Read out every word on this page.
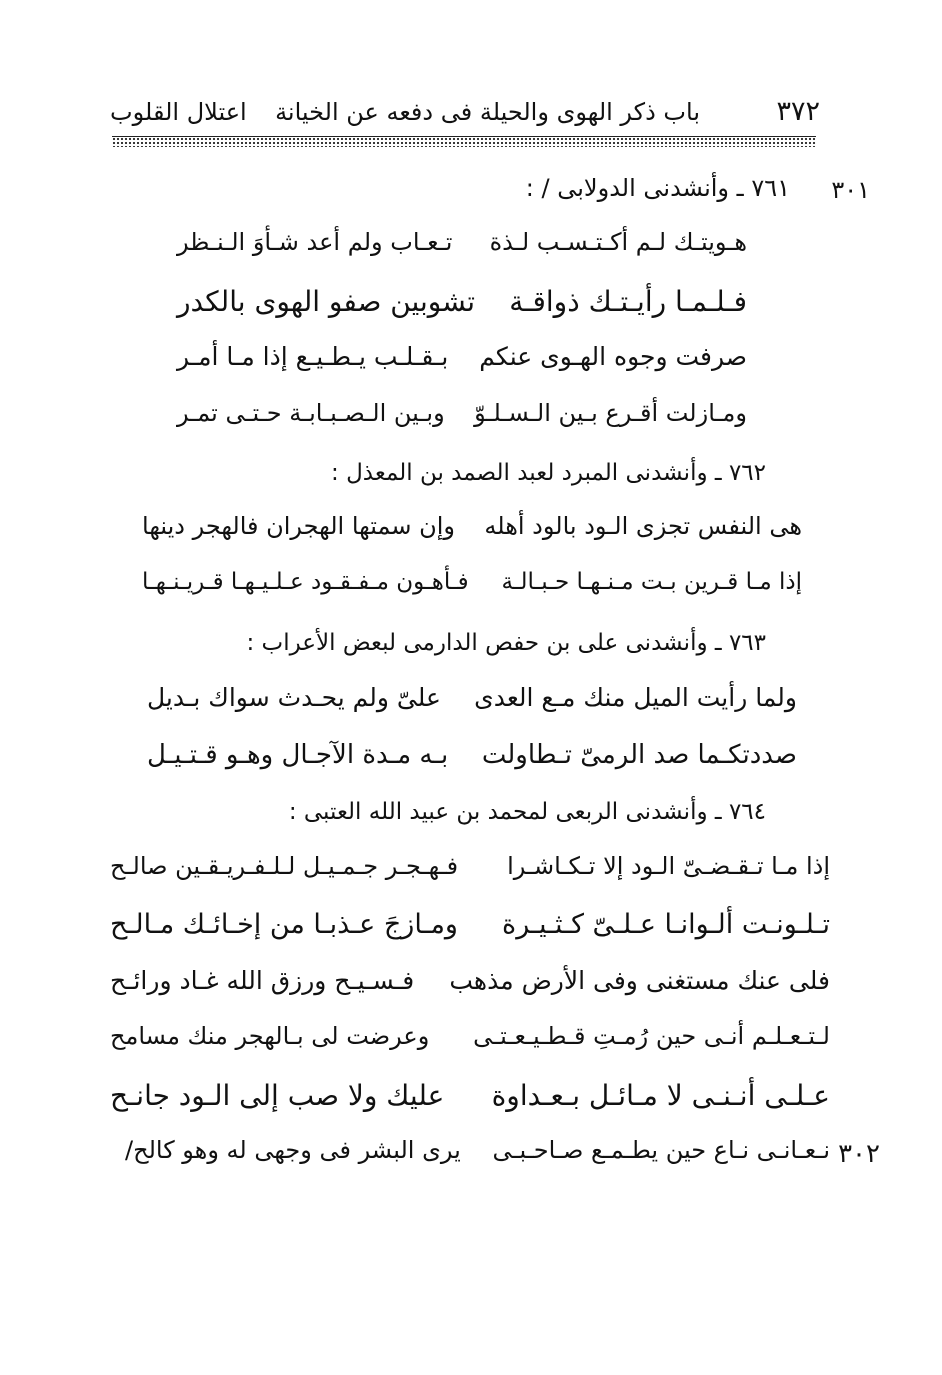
٣٧٢
باب ذكر الهوى والحيلة فى دفعه عن الخيانة
اعتلال القلوب
٣٠١
٧٦١ ـ وأنشدنى الدولابى / :
هـويتـك لـم أكـتـسـب لـذة
تـعـاب ولم أعد شـأوَ الـنـظر
فـلـمـا رأيـتـك ذواقـة
تشوبين صفو الهوى بالكدر
صرفت وجوه الهـوى عنكم
بـقـلـب يـطـيـع إذا مـا أمـر
ومـازلت أقـرع بـين الـسـلـوّ
وبـين الـصـبـابـة حـتـى تمـر
٧٦٢ ـ وأنشدنى المبرد لعبد الصمد بن المعذل :
هى النفس تجزى الـود بالود أهله
وإن سمتها الهجران فالهجر دينها
إذا مـا قـرين بـت مـنـهـا حـبـالـة
فـأهـون مـفـقـود عـلـيـهـا قـريـنـهـا
٧٦٣ ـ وأنشدنى على بن حفص الدارمى لبعض الأعراب :
ولما رأيت الميل منك مـع العدى
علىّ ولم يحـدث سواك بـديل
صددتكـما صد الرمىّ تـطاولت
بـه مـدة الآجـال وهـو قـتـيـل
٧٦٤ ـ وأنشدنى الربعى لمحمد بن عبيد الله العتبى :
إذا مـا تـقـضـىّ الـود إلا تـكـاشـرا
فـهـجـر جـمـيـل لـلـفـريـقـين صالـح
تـلـونـت ألـوانـا عـلـىّ كـثـيـرة
ومـازجَ عـذبـا من إخـائـك مـالـح
فلى عنك مستغنى وفى الأرض مذهب
فـسـيـح ورزق الله غـاد ورائـح
لـتـعـلـم أنـى حين رُمـتِ قـطـيـعـتـى
وعرضت لى بـالهجر منك مسامح
عـلـى أنـنـى لا مـائـل بـعـداوة
عليك ولا صب إلى الـود جانـح
٣٠٢
نـعـانـى نـاع حين يطـمـع صـاحـبـى
يرى البشر فى وجهى له وهو كالح/
